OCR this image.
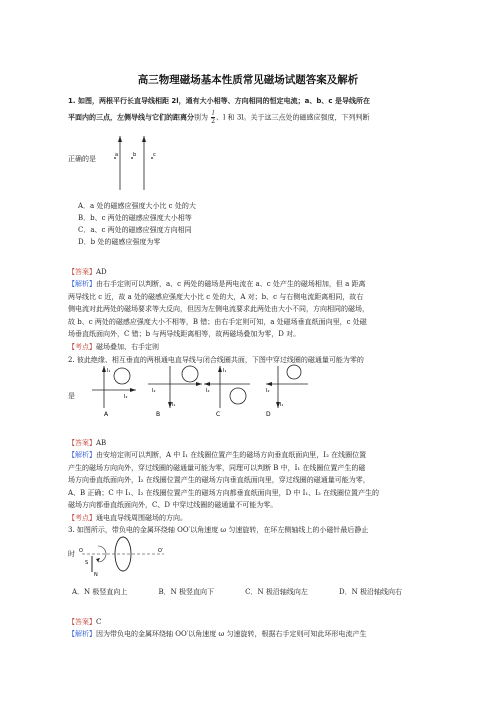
高三物理磁场基本性质常见磁场试题答案及解析
1. 如图，两根平行长直导线相距 2l，通有大小相等、方向相同的恒定电流；a、b、c 是导线所在
平面内的三点，左侧导线与它们的距离分别为 $\frac{l}{2}$ 、l 和 3l。关于这三点处的磁感应强度，下列判断
正确的是	a	b	c
A．a 处的磁感应强度大小比 c 处的大
B．b、c 两处的磁感应强度大小相等
C．a、c 两处的磁感应强度方向相同
D．b 处的磁感应强度为零
【答案】AD
【解析】由右手定则可以判断，a、c 两处的磁场是两电流在 a、c 处产生的磁场相加，但 a 距离
两导线比 c 近，故 a 处的磁感应强度大小比 c 处的大，A 对；b、c 与右侧电流距离相同，故右
侧电流对此两处的磁场要求等大反向，但因为左侧电流要求此两处由大小不同，方向相同的磁场，
故 b、c 两处的磁感应强度大小不相等，B 错；由右手定则可知，a 处磁场垂直纸面向里，c 处磁
场垂直纸面向外，C 错；b 与两导线距离相等，故两磁场叠加为零，D 对。
【考点】磁场叠加、右手定则
2. 彼此绝缘、相互垂直的两根通电直导线与闭合线圈共面，下图中穿过线圈的磁通量可能为零的
是
I₁
I₂
A
I₁
I₂
B
I₁
I₂
C
I₁
I₂
D
【答案】AB
【解析】由安培定则可以判断，A 中 I₁ 在线圈位置产生的磁场方向垂直纸面向里，I₂ 在线圈位置
产生的磁场方向向外，穿过线圈的磁通量可能为零，同理可以判断 B 中，I₁ 在线圈位置产生的磁
场方向垂直纸面向外，I₂ 在线圈位置产生的磁场方向垂直纸面向里，穿过线圈的磁通量可能为零，
A、B 正确；C 中 I₁、I₂ 在线圈位置产生的磁场方向都垂直纸面向里，D 中 I₁、I₂ 在线圈位置产生的
磁场方向都垂直纸面向外，C、D 中穿过线圈的磁通量不可能为零。
【考点】通电直导线周围磁场的方向。
3. 如图所示，带负电的金属环绕轴 OO′以角速度 ω 匀速旋转，在环左侧轴线上的小磁针最后静止
时 O	O′
S
N
A．N 极竖直向上	B．N 极竖直向下	C．N 极沿轴线向左	D．N 极沿轴线向右
【答案】C
【解析】因为带负电的金属环绕轴 OO′以角速度 ω 匀速旋转，根据右手定则可知此环形电流产生
